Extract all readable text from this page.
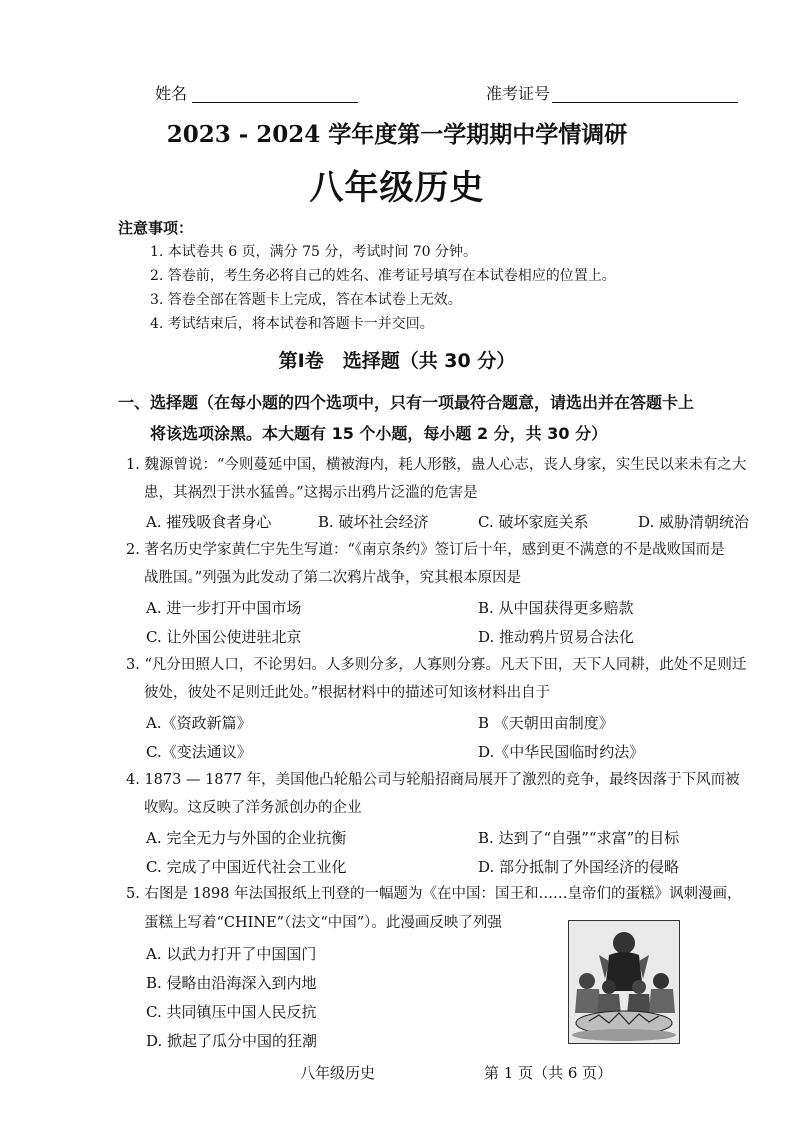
姓名	准考证号
2023 - 2024 学年度第一学期期中学情调研
八年级历史
注意事项：
1. 本试卷共 6 页，满分 75 分，考试时间 70 分钟。
2. 答卷前，考生务必将自己的姓名、准考证号填写在本试卷相应的位置上。
3. 答卷全部在答题卡上完成，答在本试卷上无效。
4. 考试结束后，将本试卷和答题卡一并交回。
第Ⅰ卷　选择题（共 30 分）
一、选择题（在每小题的四个选项中，只有一项最符合题意，请选出并在答题卡上
将该选项涂黑。本大题有 15 个小题，每小题 2 分，共 30 分）
1. 魏源曾说：“今则蔓延中国，横被海内，耗人形骸，蛊人心志，丧人身家，实生民以来未有之大
患，其祸烈于洪水猛兽。”这揭示出鸦片泛滥的危害是
A. 摧残吸食者身心	B. 破坏社会经济	C. 破坏家庭关系	D. 威胁清朝统治
2. 著名历史学家黄仁宇先生写道：“《南京条约》签订后十年，感到更不满意的不是战败国而是
战胜国。”列强为此发动了第二次鸦片战争，究其根本原因是
A. 进一步打开中国市场	B. 从中国获得更多赔款
C. 让外国公使进驻北京	D. 推动鸦片贸易合法化
3. “凡分田照人口，不论男妇。人多则分多，人寡则分寡。凡天下田，天下人同耕，此处不足则迁
彼处，彼处不足则迁此处。”根据材料中的描述可知该材料出自于
A.《资政新篇》	B 《天朝田亩制度》
C.《变法通议》	D.《中华民国临时约法》
4. 1873 — 1877 年，美国他凸轮船公司与轮船招商局展开了激烈的竞争，最终因落于下风而被
收购。这反映了洋务派创办的企业
A. 完全无力与外国的企业抗衡	B. 达到了“自强”“求富”的目标
C. 完成了中国近代社会工业化	D. 部分抵制了外国经济的侵略
5. 右图是 1898 年法国报纸上刊登的一幅题为《在中国：国王和……皇帝们的蛋糕》讽刺漫画，
蛋糕上写着“CHINE”（法文“中国”）。此漫画反映了列强
A. 以武力打开了中国国门
B. 侵略由沿海深入到内地
C. 共同镇压中国人民反抗
D. 掀起了瓜分中国的狂潮
八年级历史	第 1 页（共 6 页）
